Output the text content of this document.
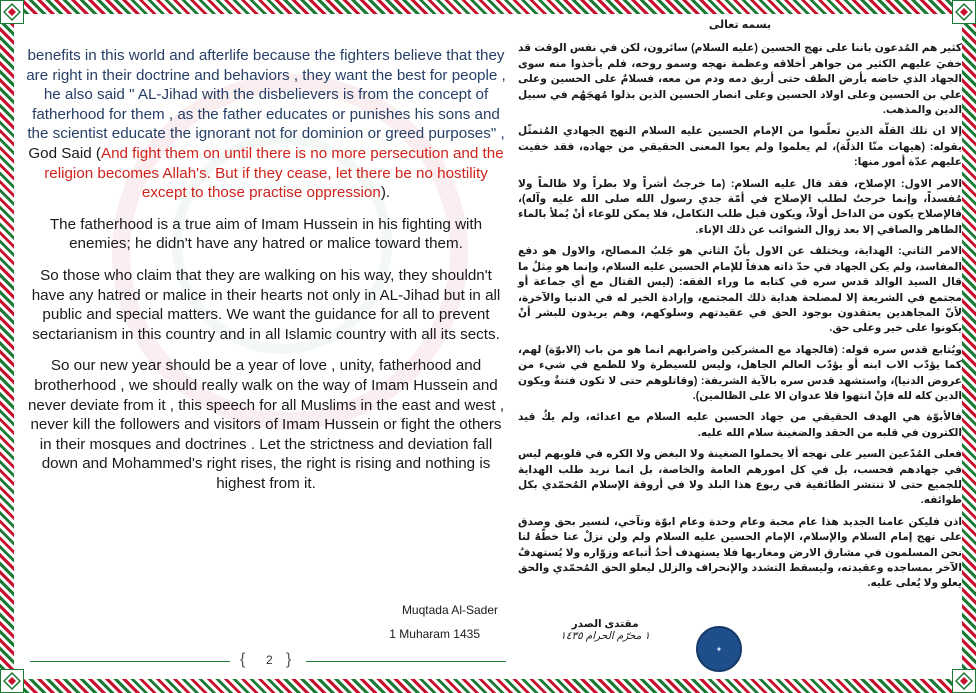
benefits in this world and afterlife because the fighters believe that they are right in their doctrine and behaviors , they want the best for people , he also said " AL-Jihad with the disbelievers is from the concept of fatherhood for them , as the father educates or punishes his sons and the scientist educate the ignorant not for dominion or greed purposes" , God Said (And fight them on until there is no more persecution and the religion becomes Allah's. But if they cease, let there be no hostility except to those practise oppression).

The fatherhood is a true aim of Imam Hussein in his fighting with enemies; he didn't have any hatred or malice toward them.

So those who claim that they are walking on his way, they shouldn't have any hatred or malice in their hearts not only in AL-Jihad but in all public and special matters. We want the guidance for all to prevent sectarianism in this country and in all Islamic country with all its sects.

So our new year should be a year of love , unity, fatherhood and brotherhood , we should really walk on the way of Imam Hussein and never deviate from it , this speech for all Muslims in the east and west , never kill the followers and visitors of Imam Hussein or fight the others in their mosques and doctrines . Let the strictness and deviation fall down and Mohammed's right rises, the right is rising and nothing is highest from it.

Muqtada Al-Sader
1 Muharam 1435
{ 2 }
بسمه تعالى

كثير هم المُدعون باننا على نهج الحسين (عليه السلام) سائرون، لكن في نفس الوقت قد خفيَ عليهم الكثير من جواهر أخلاقه وعظمة نهجه وسمو روحه، فلم يأخذوا منه سوى الجهاد الذي خاضه بأرض الطف حتى أريق دمه ودم من معه، فسلامٌ على الحسين وعلى علي بن الحسين وعلى اولاد الحسين وعلى انصار الحسين الذين بذلوا مُهجَهُم في سبيل الدين والمذهب.

إلا ان تلك القلّة الذين تعلّموا من الإمام الحسين عليه السلام النهج الجهادي المُتمثّل بقوله: (هيهات منّا الذلّة)، لم يعلموا ولم يعوا المعنى الحقيقي من جهاده، فقد خفيت عليهم عدّة أمور منها:

الامر الاول: الإصلاح، فقد قال عليه السلام: (ما خرجتُ أشراً ولا بطراً ولا ظالماً ولا مُفسداً، وإنما خرجتُ لطلب الإصلاح في أمّة جدي رسول الله صلى الله عليه وآله)، فالإصلاح يكون من الداخل أولاً، ويكون قبل طلب التكامل، فلا يمكن للوعاء أنْ يُملأ بالماء الطاهر والصافي إلا بعد زوال الشوائب عن ذلك الإناء.

الامر الثاني: الهداية، ويختلف عن الاول بأنّ الثاني هو جَلبُ المصالح، والاول هو دفع المفاسد، ولم يكن الجهاد في حدّ ذاته هدفاً للإمام الحسين عليه السلام، وإنما هو مِثلُ ما قال السيد الوالد قدس سره في كتابه ما وراء الفقه: (ليس القتال مع أي جماعة أو مجتمع في الشريعة إلا لمصلحة هداية ذلك المجتمع، وإرادة الخير له في الدنيا والآخرة، لأنّ المجاهدين يعتقدون بوجود الحق في عقيدتهم وسلوكهم، وهم يريدون للبشر أنْ يكونوا على خير وعلى حق.

ويُتابع قدس سره قوله: (فالجهاد مع المشركين واضرابهم انما هو من باب (الابوّة) لهم، كما يؤدّب الاب ابنه أو يؤدّب العالم الجاهل، وليس للسيطرة ولا للطمع في شيء من عروض الدنيا)، واستشهد قدس سره بالآية الشريفة: (وقاتلوهم حتى لا تكون فتنةٌ ويكون الدين كله لله فإنْ انتهوا فلا عدوان الا على الظالمين).

فالأبوّة هي الهدف الحقيقي من جهاد الحسين عليه السلام مع اعدائه، ولم يكُ قيد الكترون في قلبه من الحقد والضغينة سلام الله عليه.

فعلى المُدّعين السير على نهجه ألا يحملوا الضغينة ولا البغض ولا الكره في قلوبهم ليس في جهادهم فحسب، بل في كل امورهم العامة والخاصة، بل انما نريد طلب الهداية للجميع حتى لا تنتشر الطائفية في ربوع هذا البلد ولا في أروقة الإسلام المُحمّدي بكل طوائفه.

اذن فليكن عامنا الجديد هذا عام محبة وعام وحدة وعام ابوّة وتآخي، لنسير بحق وصدق على نهج إمام السلام والإسلام، الإمام الحسين عليه السلام ولم ولن نزلْ عنا خطّهُ لنا نحن المسلمون في مشارق الارض ومغاربها فلا يستهدف أحدٌ أتباعه وزوّاره ولا يُستهدفُ الآخر بمساجده وعقيدته، وليسقط التشدد والإنحراف والزلل ليعلو الحق المُحمّدي والحق يعلو ولا يُعلى عليه.

مقتدى الصدر
١ محرّم الحرام ١٤٣٥
✦
